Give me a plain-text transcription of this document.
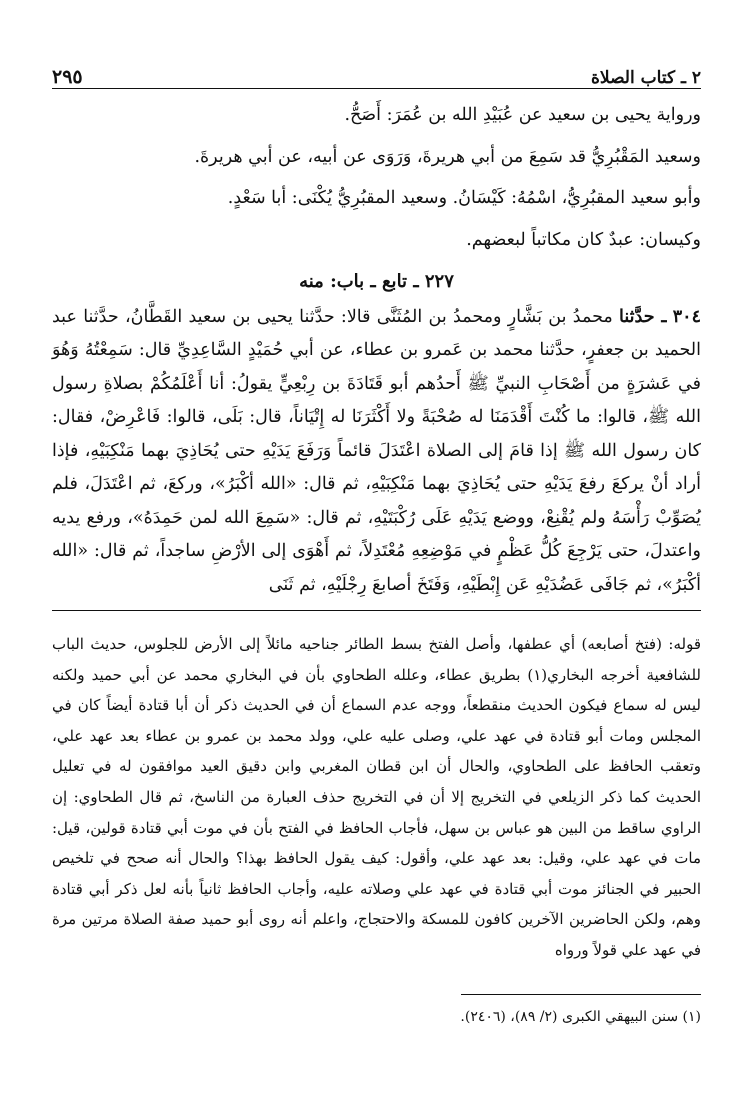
٢ ـ كتاب الصلاة
٢٩٥

ورواية يحيى بن سعيد عن عُبَيْدِ الله بن عُمَرَ: أَصَحُّ.

وسعيد المَقْبُرِيُّ قد سَمِعَ من أبي هريرةَ، وَرَوَى عن أبيه، عن أبي هريرةَ.

وأبو سعيد المقبُرِيُّ، اسْمُهُ: كَيْسَانُ. وسعيد المقبُرِيُّ يُكْنَى: أبا سَعْدٍ.

وكيسان: عبدٌ كان مكاتباً لبعضهم.

٢٢٧ ـ تابع ـ باب: منه

٣٠٤ ـ حدَّثنا محمدُ بن بَشَّارٍ ومحمدُ بن المُثَنَّى قالا: حدَّثنا يحيى بن سعيد القَطَّانُ، حدَّثنا عبد الحميد بن جعفرٍ، حدَّثنا محمد بن عَمرو بن عطاء، عن أبي حُمَيْدٍ السَّاعِدِيِّ قال: سَمِعْتُهُ وَهُوَ في عَشرَةٍ من أَصْحَابِ النبيِّ ﷺ أَحدُهم أبو قَتَادَةَ بن رِبْعِيٍّ يقولُ: أنا أَعْلَمُكُمْ بصلاةِ رسول الله ﷺ، قالوا: ما كُنْتَ أَقْدَمَنَا له صُحْبَةً ولا أَكْثَرَنَا له إِتْيَاناً، قال: بَلَى، قالوا: فَاعْرِضْ، فقال: كان رسول الله ﷺ إذا قامَ إلى الصلاة اعْتَدَلَ قائماً وَرَفَعَ يَدَيْهِ حتى يُحَاذِيَ بهما مَنْكِبَيْهِ، فإذا أراد أنْ يركعَ رفعَ يَدَيْهِ حتى يُحَاذِيَ بهما مَنْكِبَيْهِ، ثم قال: «الله أكْبَرُ»، وركعَ، ثم اعْتَدَلَ، فلم يُصَوِّبْ رَأْسَهُ ولم يُقْنِعْ، ووضع يَدَيْهِ عَلَى رُكْبَتَيْهِ، ثم قال: «سَمِعَ الله لمن حَمِدَهُ»، ورفع يديه واعتدلَ، حتى يَرْجِعَ كُلُّ عَظْمٍ في مَوْضِعِهِ مُعْتَدِلاً، ثم أَهْوَى إلى الأرْضِ ساجداً، ثم قال: «الله أكْبَرُ»، ثم جَافَى عَضُدَيْهِ عَن إِبْطَيْهِ، وَفَتَخَ أصابعَ رِجْلَيْهِ، ثم ثَنَى

قوله: (فتخ أصابعه) أي عطفها، وأصل الفتخ بسط الطائر جناحيه مائلاً إلى الأرض للجلوس، حديث الباب للشافعية أخرجه البخاري(١) بطريق عطاء، وعلله الطحاوي بأن في البخاري محمد عن أبي حميد ولكنه ليس له سماع فيكون الحديث منقطعاً، ووجه عدم السماع أن في الحديث ذكر أن أبا قتادة أيضاً كان في المجلس ومات أبو قتادة في عهد علي، وصلى عليه علي، وولد محمد بن عمرو بن عطاء بعد عهد علي، وتعقب الحافظ على الطحاوي، والحال أن ابن قطان المغربي وابن دقيق العيد موافقون له في تعليل الحديث كما ذكر الزيلعي في التخريج إلا أن في التخريج حذف العبارة من الناسخ، ثم قال الطحاوي: إن الراوي ساقط من البين هو عباس بن سهل، فأجاب الحافظ في الفتح بأن في موت أبي قتادة قولين، قيل: مات في عهد علي، وقيل: بعد عهد علي، وأقول: كيف يقول الحافظ بهذا؟ والحال أنه صحح في تلخيص الحبير في الجنائز موت أبي قتادة في عهد علي وصلاته عليه، وأجاب الحافظ ثانياً بأنه لعل ذكر أبي قتادة وهم، ولكن الحاضرين الآخرين كافون للمسكة والاحتجاج، واعلم أنه روى أبو حميد صفة الصلاة مرتين مرة في عهد علي قولاً ورواه

(١) سنن البيهقي الكبرى (٢/ ٨٩)، (٢٤٠٦).
